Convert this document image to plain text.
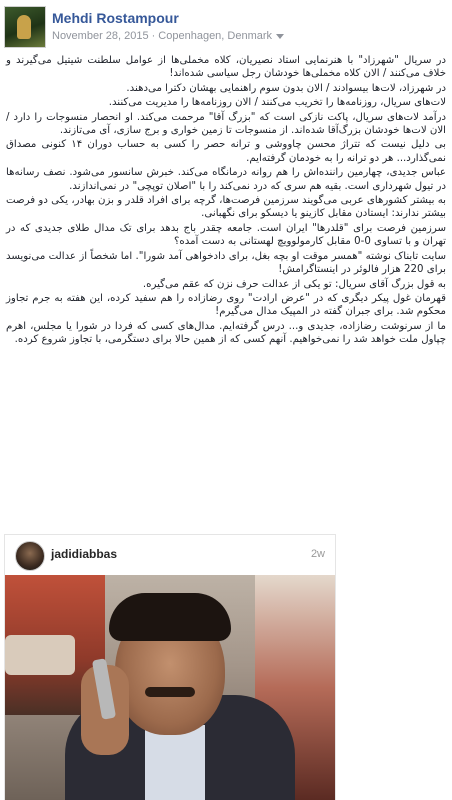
Mehdi Rostampour
November 28, 2015 · Copenhagen, Denmark

در سریال "شهرزاد" با هنرنمایی استاد نصیریان، کلاه مخملی‌ها از عوامل سلطنت شیتیل می‌گیرند و خلاف می‌کنند / الان کلاه مخملی‌ها خودشان رجل سیاسی شده‌اند!

در شهرزاد، لات‌ها بیسوادند / الان بدون سوم راهنمایی بهشان دکترا می‌دهند.

لات‌های سریال، روزنامه‌ها را تخریب می‌کنند / الان روزنامه‌ها را مدیریت می‌کنند.

درآمد لات‌های سریال، پاکت نازکی است که "بزرگ آقا" مرحمت می‌کند. او انحصار منسوجات را دارد / الان لات‌ها خودشان بزرگ‌آقا شده‌اند. از منسوجات تا زمین خواری و برج سازی، آی می‌تازند.

بی دلیل نیست که تتراژ محسن چاووشی و ترانه حصر را کسی به حساب دوران ۱۴ کنونی مصداق نمی‌گذارد... هر دو ترانه را به خودمان گرفته‌ایم.

عباس جدیدی، چهارمین راننده‌اش را هم روانه درمانگاه می‌کند. خبرش سانسور می‌شود. نصف رسانه‌ها در تیول شهرداری است. بقیه هم سری که درد نمی‌کند را با "اصلان توپچی" در نمی‌اندازند.

به بیشتر کشورهای عربی می‌گویند سرزمین فرصت‌ها، گرچه برای افراد قلدر و بزن بهادر، یکی دو فرصت بیشتر ندارند: ایستادن مقابل کازینو یا دیسکو برای نگهبانی.

سرزمین فرصت برای "قلدرها" ایران است. جامعه چقدر باج بدهد برای تک مدال طلای جدیدی که در تهران و با تساوی 0-0 مقابل کارمولوویچ لهستانی به دست آمده؟

سایت تابناک نوشته "همسر موقت او بچه بغل، برای دادخواهی آمد شورا". اما شخصاً از عدالت می‌نویسد برای 220 هزار فالوئر در اینستاگرامش!

به قول بزرگ آقای سریال: تو یکی از عدالت حرف نزن که عقم می‌گیره.

قهرمان غول پیکر دیگری که در "عرض ارادت" روی رضازاده را هم سفید کرده، این هفته به جرم تجاوز محکوم شد. برای جبران گفته در المپیک مدال می‌گیرم!

ما از سرنوشت رضازاده، جدیدی و... درس گرفته‌ایم. مدال‌های کسی که فردا در شورا یا مجلس، اهرم چپاول ملت خواهد شد را نمی‌خواهیم. آنهم کسی که از همین حالا برای دستگرمی، با تجاوز شروع کرده.

jadidiabbas	2w
